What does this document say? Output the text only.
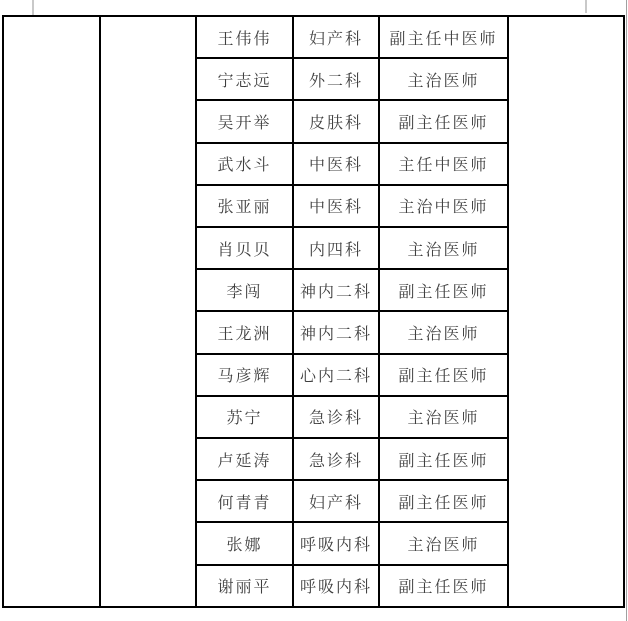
		王伟伟	妇产科	副主任中医师	
		宁志远	外二科	主治医师	
		吴开举	皮肤科	副主任医师	
		武水斗	中医科	主任中医师	
		张亚丽	中医科	主治中医师	
		肖贝贝	内四科	主治医师	
		李闯	神内二科	副主任医师	
		王龙洲	神内二科	主治医师	
		马彦辉	心内二科	副主任医师	
		苏宁	急诊科	主治医师	
		卢延涛	急诊科	副主任医师	
		何青青	妇产科	副主任医师	
		张娜	呼吸内科	主治医师	
		谢丽平	呼吸内科	副主任医师	
